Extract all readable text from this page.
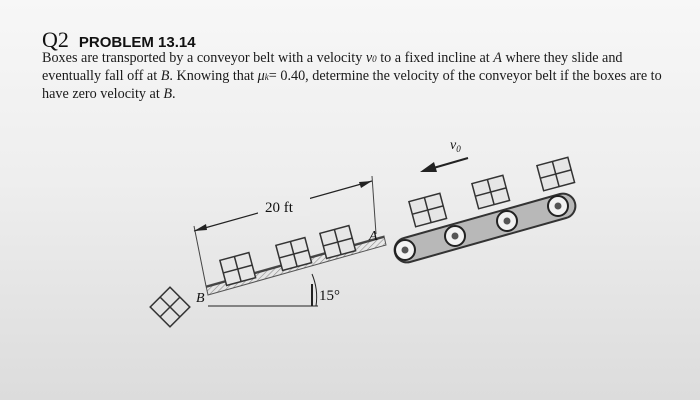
Q2 PROBLEM 13.14
Boxes are transported by a conveyor belt with a velocity v0 to a fixed incline at A where they slide and
eventually fall off at B. Knowing that μk= 0.40, determine the velocity of the conveyor belt if the boxes are to
have zero velocity at B.
20 ft
15°
A
B
$v_0$
